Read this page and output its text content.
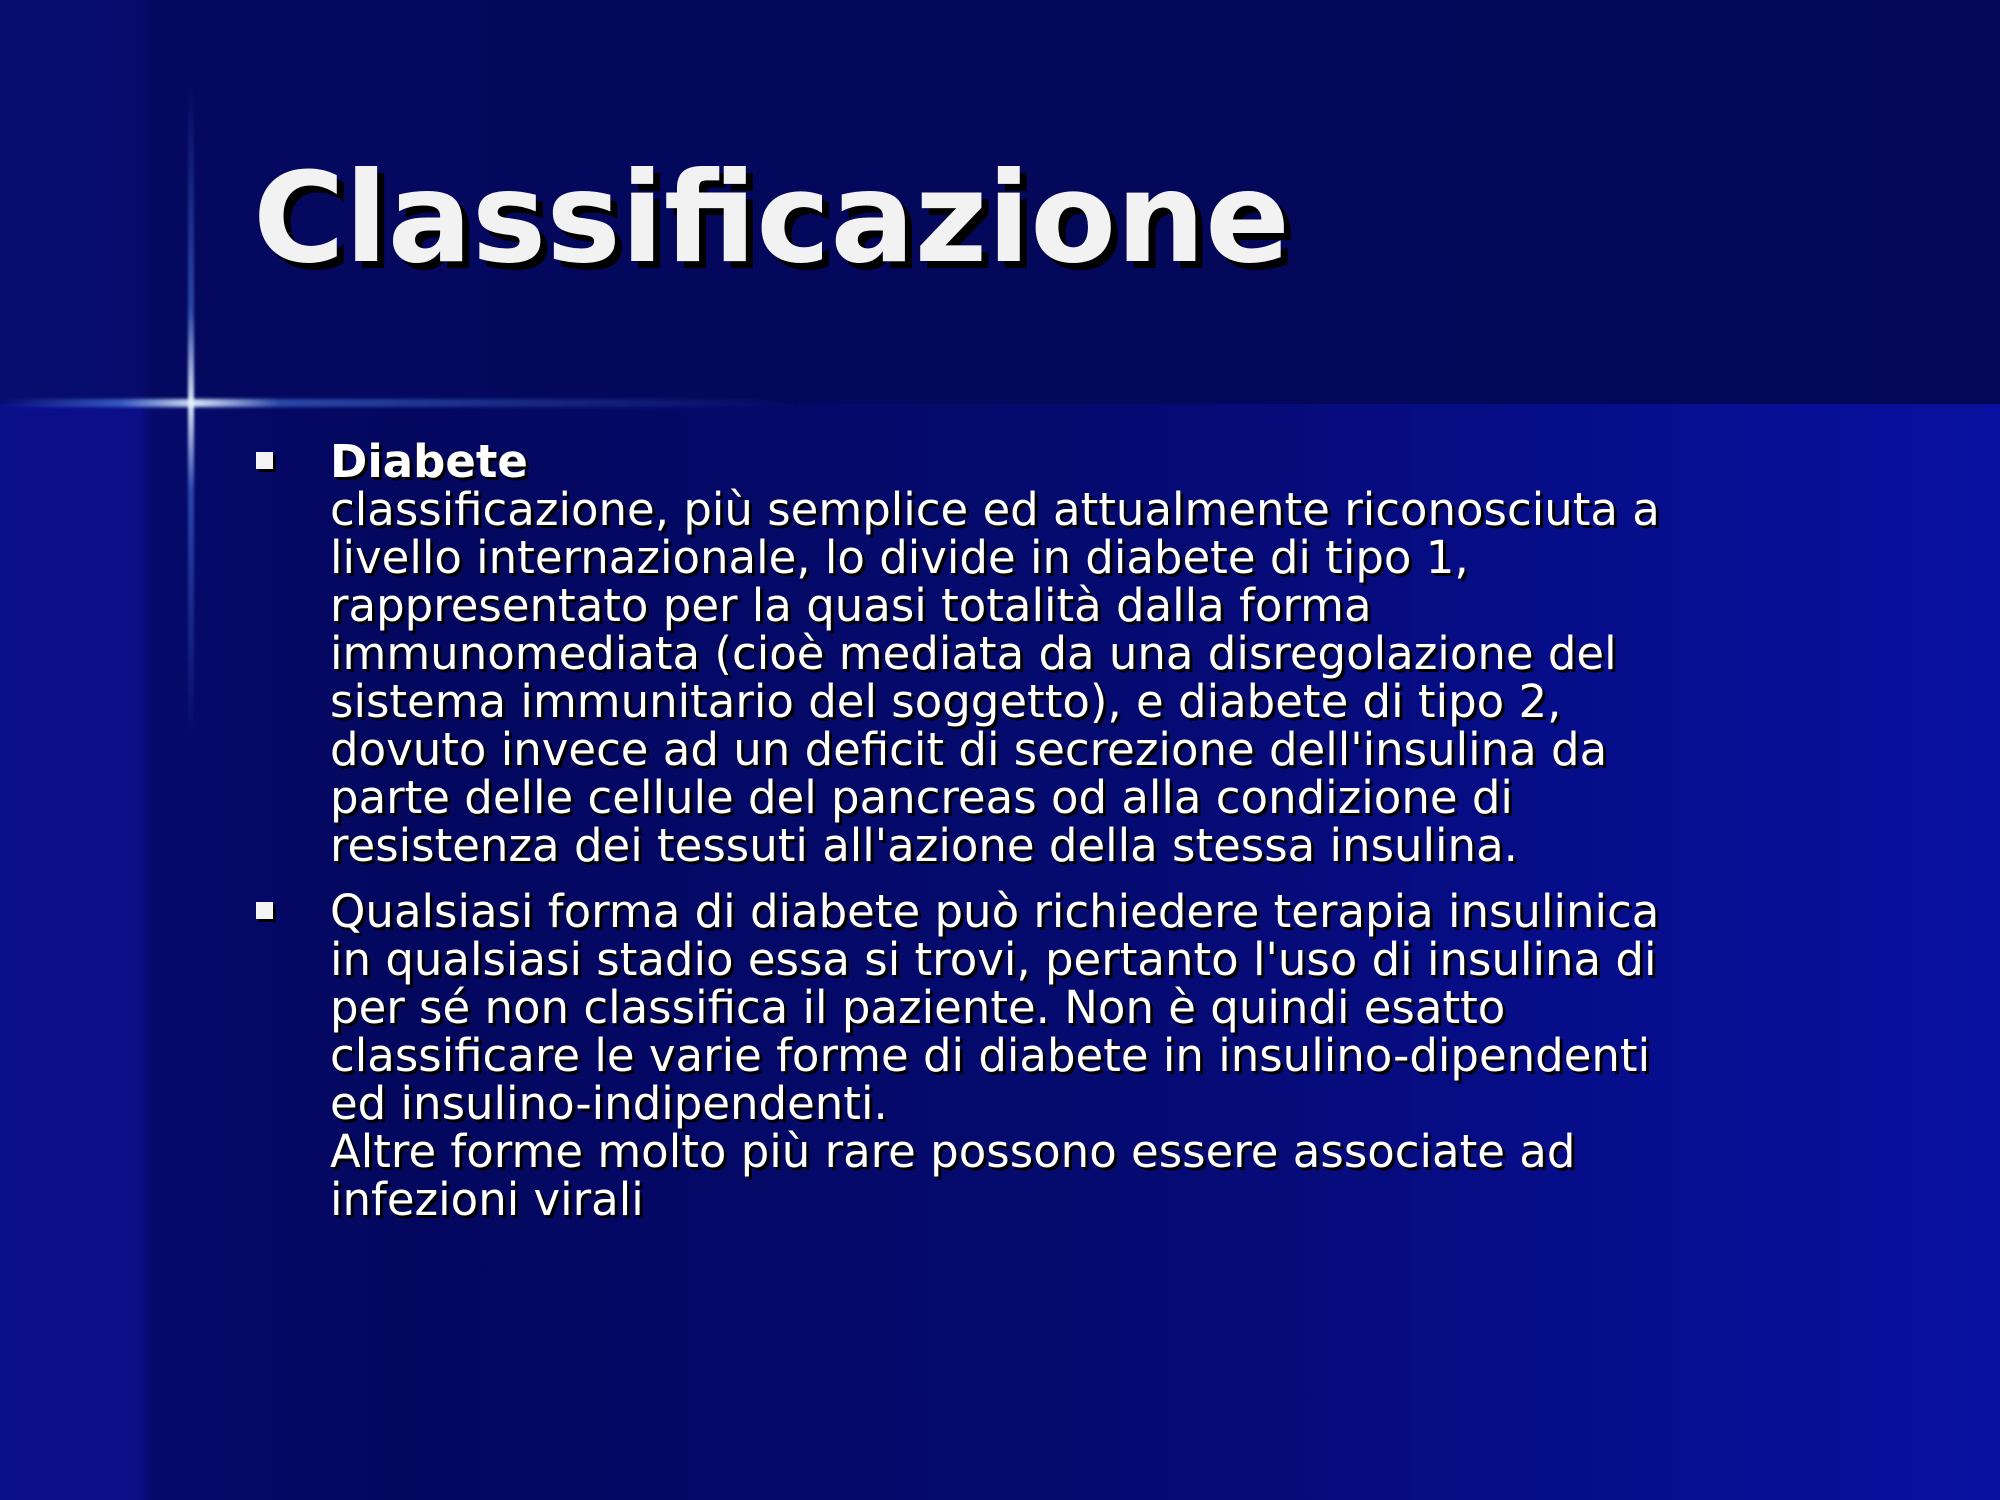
Classificazione
Diabete
classificazione, più semplice ed attualmente riconosciuta a
livello internazionale, lo divide in diabete di tipo 1,
rappresentato per la quasi totalità dalla forma
immunomediata (cioè mediata da una disregolazione del
sistema immunitario del soggetto), e diabete di tipo 2,
dovuto invece ad un deficit di secrezione dell'insulina da
parte delle cellule del pancreas od alla condizione di
resistenza dei tessuti all'azione della stessa insulina.
Qualsiasi forma di diabete può richiedere terapia insulinica
in qualsiasi stadio essa si trovi, pertanto l'uso di insulina di
per sé non classifica il paziente. Non è quindi esatto
classificare le varie forme di diabete in insulino-dipendenti
ed insulino-indipendenti.
Altre forme molto più rare possono essere associate ad
infezioni virali
